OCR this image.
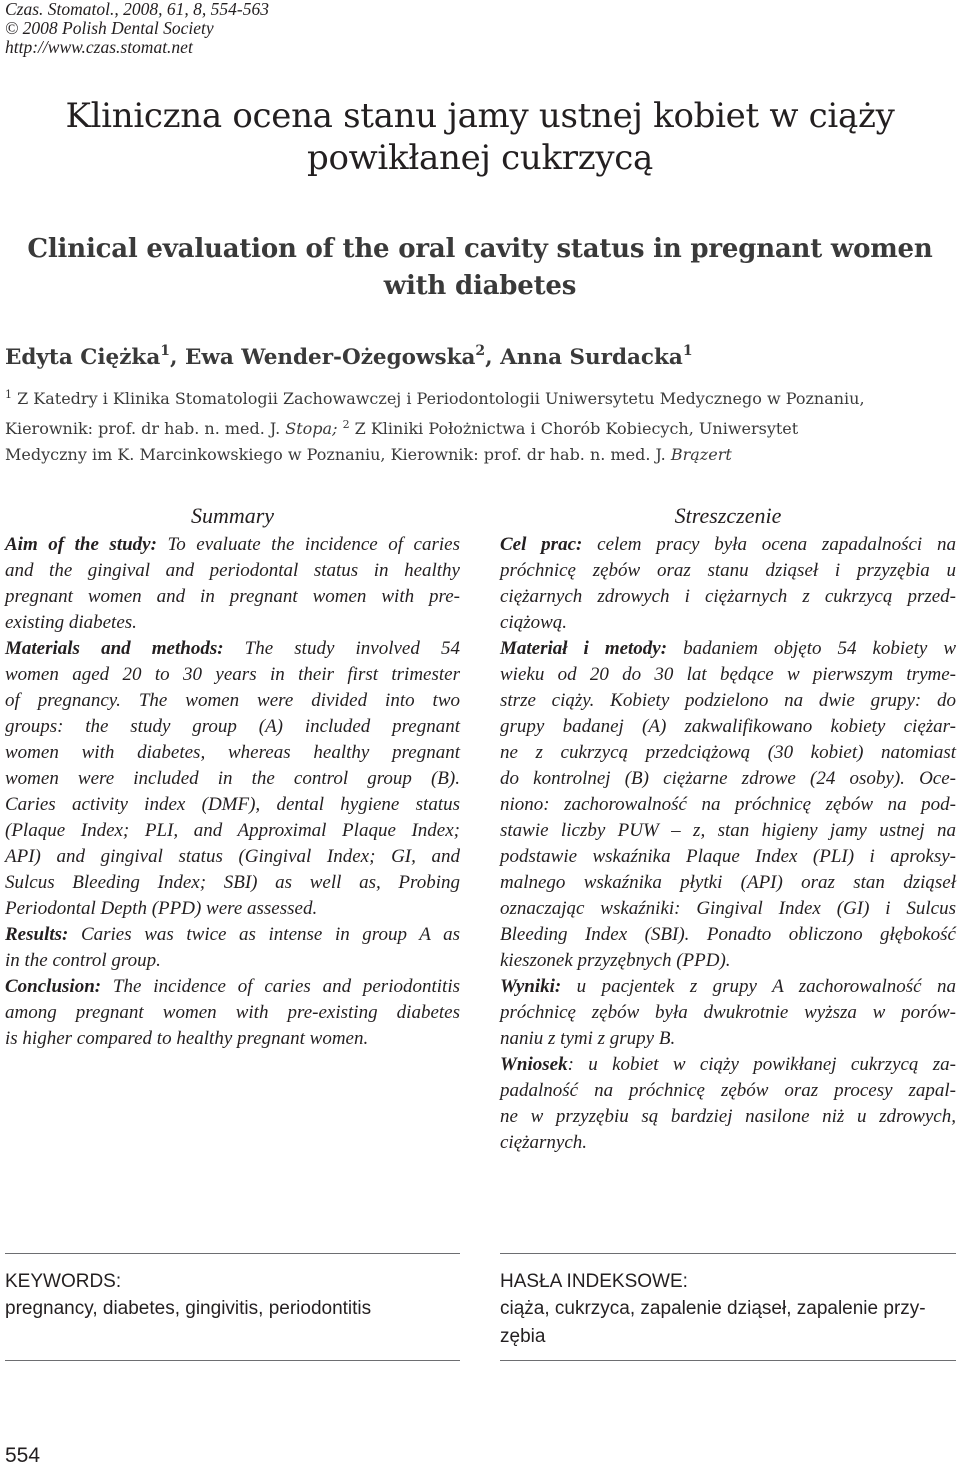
Czas. Stomatol., 2008, 61, 8, 554-563
© 2008 Polish Dental Society
http://www.czas.stomat.net
Kliniczna ocena stanu jamy ustnej kobiet w ciąży
powikłanej cukrzycą
Clinical evaluation of the oral cavity status in pregnant women
with diabetes
Edyta Ciężka$^1$, Ewa Wender-Ożegowska$^2$, Anna Surdacka$^1$
$^1$ Z Katedry i Klinika Stomatologii Zachowawczej i Periodontologii Uniwersytetu Medycznego w Poznaniu,
Kierownik: prof. dr hab. n. med. J. Stopa; $^2$ Z Kliniki Położnictwa i Chorób Kobiecych, Uniwersytet
Medyczny im K. Marcinkowskiego w Poznaniu, Kierownik: prof. dr hab. n. med. J. Brązert
Summary
Aim of the study: To evaluate the incidence of caries
and the gingival and periodontal status in healthy
pregnant women and in pregnant women with pre-
existing diabetes.
Materials and methods: The study involved 54
women aged 20 to 30 years in their first trimester
of pregnancy. The women were divided into two
groups: the study group (A) included pregnant
women with diabetes, whereas healthy pregnant
women were included in the control group (B).
Caries activity index (DMF), dental hygiene status
(Plaque Index; PLI, and Approximal Plaque Index;
API) and gingival status (Gingival Index; GI, and
Sulcus Bleeding Index; SBI) as well as, Probing
Periodontal Depth (PPD) were assessed.
Results: Caries was twice as intense in group A as
in the control group.
Conclusion: The incidence of caries and periodontitis
among pregnant women with pre-existing diabetes
is higher compared to healthy pregnant women.
Streszczenie
Cel prac: celem pracy była ocena zapadalności na
próchnicę zębów oraz stanu dziąseł i przyzębia u
ciężarnych zdrowych i ciężarnych z cukrzycą przed-
ciążową.
Materiał i metody: badaniem objęto 54 kobiety w
wieku od 20 do 30 lat będące w pierwszym tryme-
strze ciąży. Kobiety podzielono na dwie grupy: do
grupy badanej (A) zakwalifikowano kobiety ciężar-
ne z cukrzycą przedciążową (30 kobiet) natomiast
do kontrolnej (B) ciężarne zdrowe (24 osoby). Oce-
niono: zachorowalność na próchnicę zębów na pod-
stawie liczby PUW – z, stan higieny jamy ustnej na
podstawie wskaźnika Plaque Index (PLI) i aproksy-
malnego wskaźnika płytki (API) oraz stan dziąseł
oznaczając wskaźniki: Gingival Index (GI) i Sulcus
Bleeding Index (SBI). Ponadto obliczono głębokość
kieszonek przyzębnych (PPD).
Wyniki: u pacjentek z grupy A zachorowalność na
próchnicę zębów była dwukrotnie wyższa w porów-
naniu z tymi z grupy B.
Wniosek: u kobiet w ciąży powikłanej cukrzycą za-
padalność na próchnicę zębów oraz procesy zapal-
ne w przyzębiu są bardziej nasilone niż u zdrowych,
ciężarnych.
KEYWORDS:
pregnancy, diabetes, gingivitis, periodontitis
HASŁA INDEKSOWE:
ciąża, cukrzyca, zapalenie dziąseł, zapalenie przy-
zębia
554
